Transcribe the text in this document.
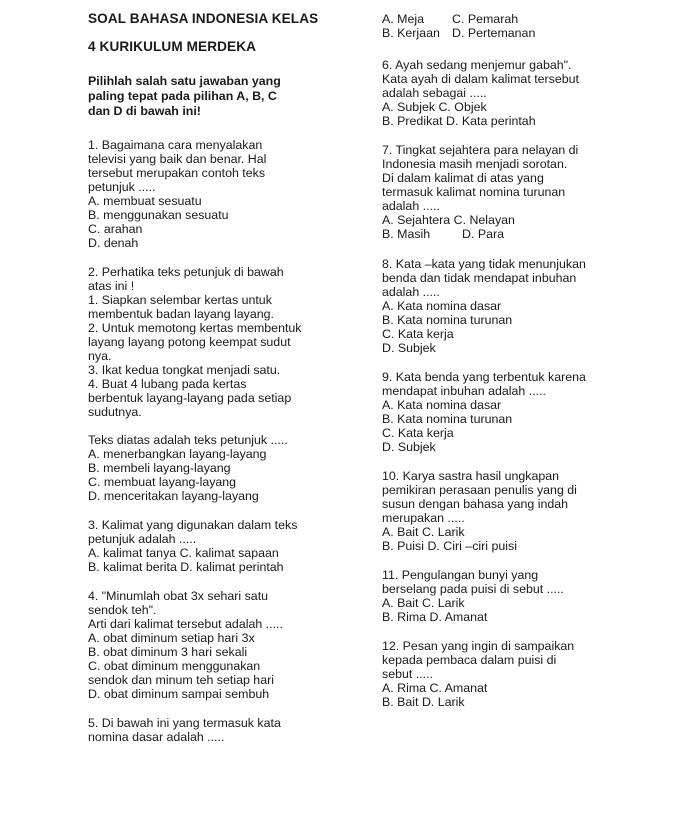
SOAL BAHASA INDONESIA KELAS
4 KURIKULUM MERDEKA
Pilihlah salah satu jawaban yang
paling tepat pada pilihan A, B, C
dan D di bawah ini!
1. Bagaimana cara menyalakan
televisi yang baik dan benar. Hal
tersebut merupakan contoh teks
petunjuk .....
A. membuat sesuatu
B. menggunakan sesuatu
C. arahan
D. denah
2. Perhatika teks petunjuk di bawah
atas ini !
1. Siapkan selembar kertas untuk
membentuk badan layang layang.
2. Untuk memotong kertas membentuk
layang layang potong keempat sudut
nya.
3. Ikat kedua tongkat menjadi satu.
4. Buat 4 lubang pada kertas
berbentuk layang-layang pada setiap
sudutnya.
Teks diatas adalah teks petunjuk .....
A. menerbangkan layang-layang
B. membeli layang-layang
C. membuat layang-layang
D. menceritakan layang-layang
3. Kalimat yang digunakan dalam teks
petunjuk adalah .....
A. kalimat tanya C. kalimat sapaan
B. kalimat berita D. kalimat perintah
4. "Minumlah obat 3x sehari satu
sendok teh".
Arti dari kalimat tersebut adalah .....
A. obat diminum setiap hari 3x
B. obat diminum 3 hari sekali
C. obat diminum menggunakan
sendok dan minum teh setiap hari
D. obat diminum sampai sembuh
5. Di bawah ini yang termasuk kata
nomina dasar adalah .....
A. Meja C. Pemarah
B. Kerjaan D. Pertemanan
6. Ayah sedang menjemur gabah".
Kata ayah di dalam kalimat tersebut
adalah sebagai .....
A. Subjek C. Objek
B. Predikat D. Kata perintah
7. Tingkat sejahtera para nelayan di
Indonesia masih menjadi sorotan.
Di dalam kalimat di atas yang
termasuk kalimat nomina turunan
adalah .....
A. Sejahtera C. Nelayan
B. Masih	D. Para
8. Kata –kata yang tidak menunjukan
benda dan tidak mendapat inbuhan
adalah .....
A. Kata nomina dasar
B. Kata nomina turunan
C. Kata kerja
D. Subjek
9. Kata benda yang terbentuk karena
mendapat inbuhan adalah .....
A. Kata nomina dasar
B. Kata nomina turunan
C. Kata kerja
D. Subjek
10. Karya sastra hasil ungkapan
pemikiran perasaan penulis yang di
susun dengan bahasa yang indah
merupakan .....
A. Bait C. Larik
B. Puisi D. Ciri –ciri puisi
11. Pengulangan bunyi yang
berselang pada puisi di sebut .....
A. Bait C. Larik
B. Rima D. Amanat
12. Pesan yang ingin di sampaikan
kepada pembaca dalam puisi di
sebut .....
A. Rima C. Amanat
B. Bait D. Larik
